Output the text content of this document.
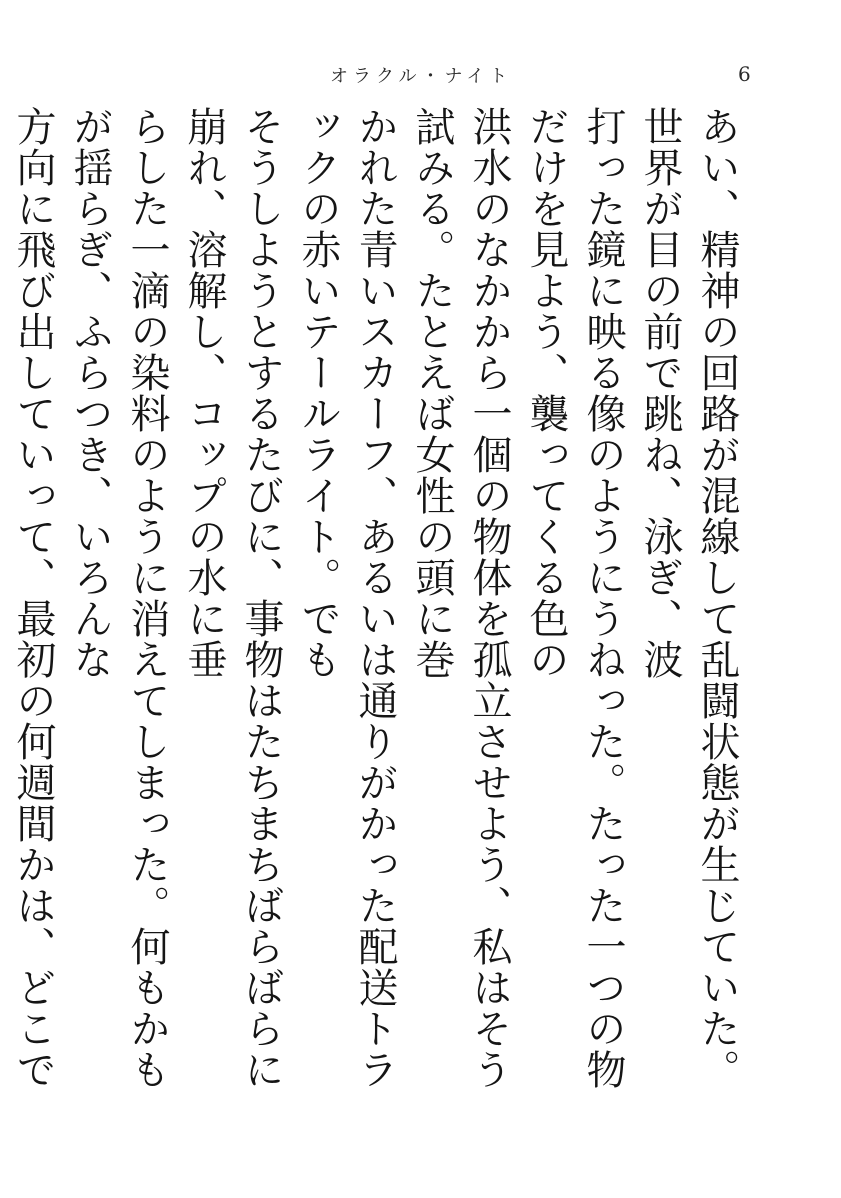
オラクル・ナイト	6
あい、精神の回路が混線して乱闘状態が生じていた。世界が目の前で跳ね、泳ぎ、波
打った鏡に映る像のようにうねった。たった一つの物だけを見よう、襲ってくる色の
洪水のなかから一個の物体を孤立させよう、私はそう試みる。たとえば女性の頭に巻
かれた青いスカーフ、あるいは通りがかった配送トラックの赤いテールライト。でも
そうしようとするたびに、事物はたちまちばらばらに崩れ、溶解し、コップの水に垂
らした一滴の染料のように消えてしまった。何もかもが揺らぎ、ふらつき、いろんな
方向に飛び出していって、最初の何週間かは、どこで
